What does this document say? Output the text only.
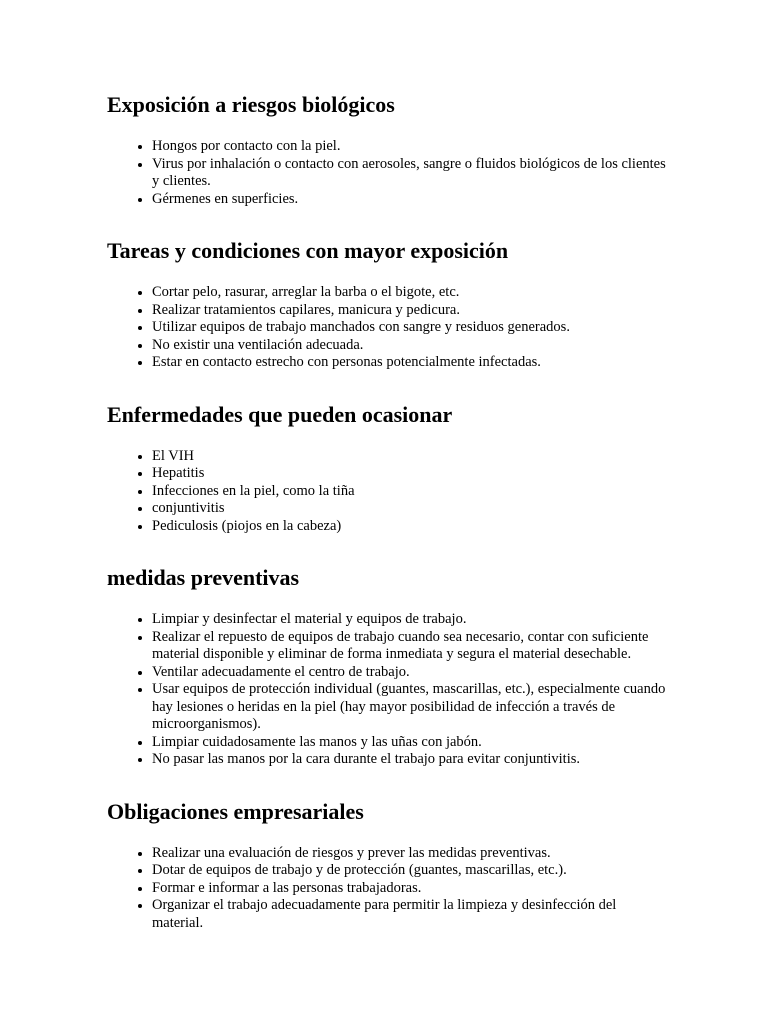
Exposición a riesgos biológicos
• Hongos por contacto con la piel.
• Virus por inhalación o contacto con aerosoles, sangre o fluidos biológicos de los clientes y clientes.
• Gérmenes en superficies.
Tareas y condiciones con mayor exposición
• Cortar pelo, rasurar, arreglar la barba o el bigote, etc.
• Realizar tratamientos capilares, manicura y pedicura.
• Utilizar equipos de trabajo manchados con sangre y residuos generados.
• No existir una ventilación adecuada.
• Estar en contacto estrecho con personas potencialmente infectadas.
Enfermedades que pueden ocasionar
• El VIH
• Hepatitis
• Infecciones en la piel, como la tiña
• conjuntivitis
• Pediculosis (piojos en la cabeza)
medidas preventivas
• Limpiar y desinfectar el material y equipos de trabajo.
• Realizar el repuesto de equipos de trabajo cuando sea necesario, contar con suficiente material disponible y eliminar de forma inmediata y segura el material desechable.
• Ventilar adecuadamente el centro de trabajo.
• Usar equipos de protección individual (guantes, mascarillas, etc.), especialmente cuando hay lesiones o heridas en la piel (hay mayor posibilidad de infección a través de microorganismos).
• Limpiar cuidadosamente las manos y las uñas con jabón.
• No pasar las manos por la cara durante el trabajo para evitar conjuntivitis.
Obligaciones empresariales
• Realizar una evaluación de riesgos y prever las medidas preventivas.
• Dotar de equipos de trabajo y de protección (guantes, mascarillas, etc.).
• Formar e informar a las personas trabajadoras.
• Organizar el trabajo adecuadamente para permitir la limpieza y desinfección del material.
